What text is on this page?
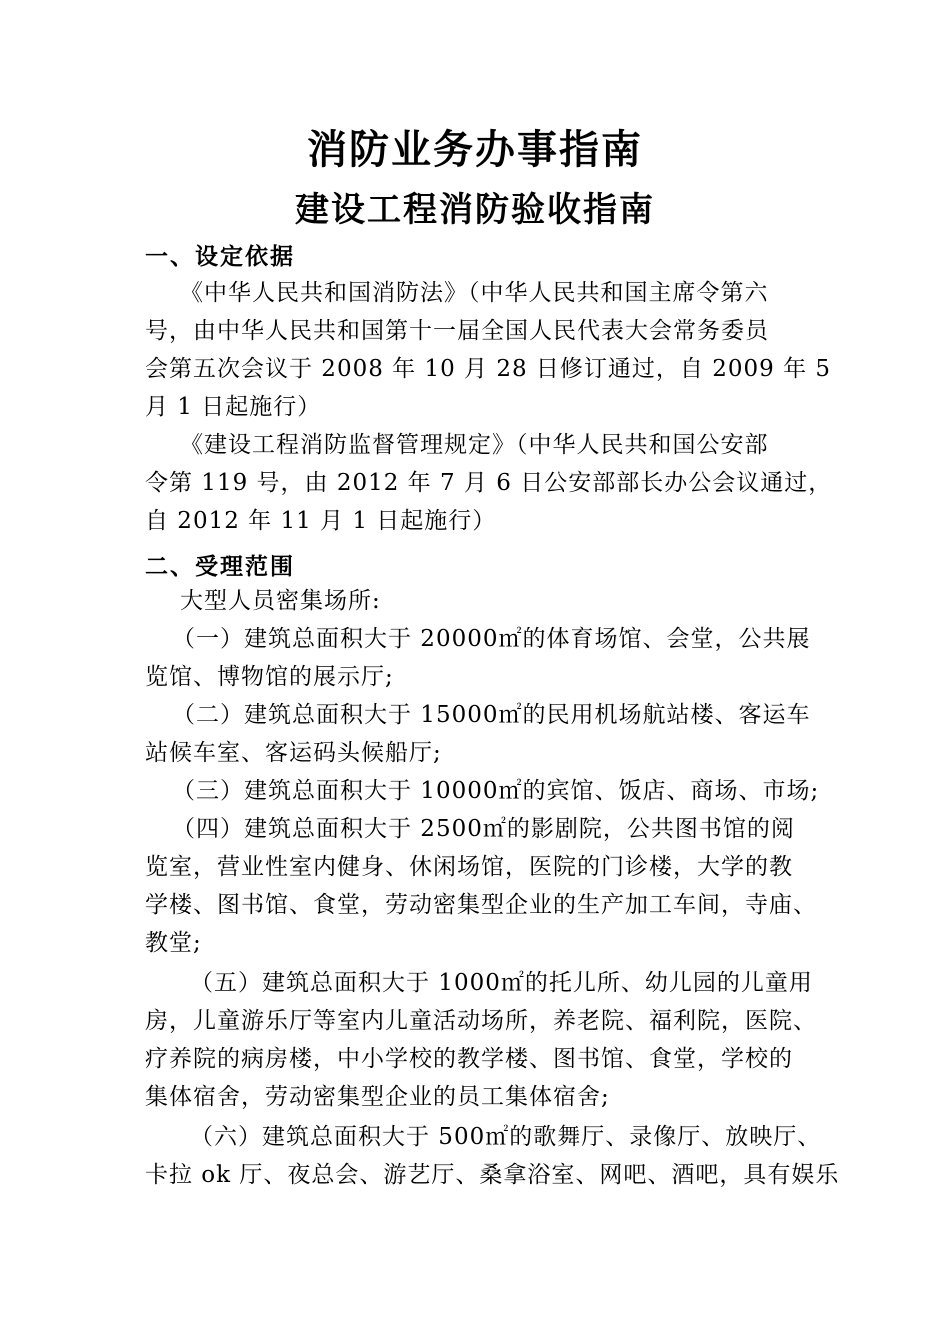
消防业务办事指南
建设工程消防验收指南
一、设定依据
《中华人民共和国消防法》（中华人民共和国主席令第六
号，由中华人民共和国第十一届全国人民代表大会常务委员
会第五次会议于 2008 年 10 月 28 日修订通过，自 2009 年 5
月 1 日起施行）
《建设工程消防监督管理规定》（中华人民共和国公安部
令第 119 号，由 2012 年 7 月 6 日公安部部长办公会议通过，
自 2012 年 11 月 1 日起施行）
二、受理范围
大型人员密集场所:
（一）建筑总面积大于 20000㎡的体育场馆、会堂，公共展
览馆、博物馆的展示厅;
（二）建筑总面积大于 15000㎡的民用机场航站楼、客运车
站候车室、客运码头候船厅;
（三）建筑总面积大于 10000㎡的宾馆、饭店、商场、市场;
（四）建筑总面积大于 2500㎡的影剧院，公共图书馆的阅
览室，营业性室内健身、休闲场馆，医院的门诊楼，大学的教
学楼、图书馆、食堂，劳动密集型企业的生产加工车间，寺庙、
教堂;
（五）建筑总面积大于 1000㎡的托儿所、幼儿园的儿童用
房，儿童游乐厅等室内儿童活动场所，养老院、福利院，医院、
疗养院的病房楼，中小学校的教学楼、图书馆、食堂，学校的
集体宿舍，劳动密集型企业的员工集体宿舍;
（六）建筑总面积大于 500㎡的歌舞厅、录像厅、放映厅、
卡拉 ok 厅、夜总会、游艺厅、桑拿浴室、网吧、酒吧，具有娱乐
